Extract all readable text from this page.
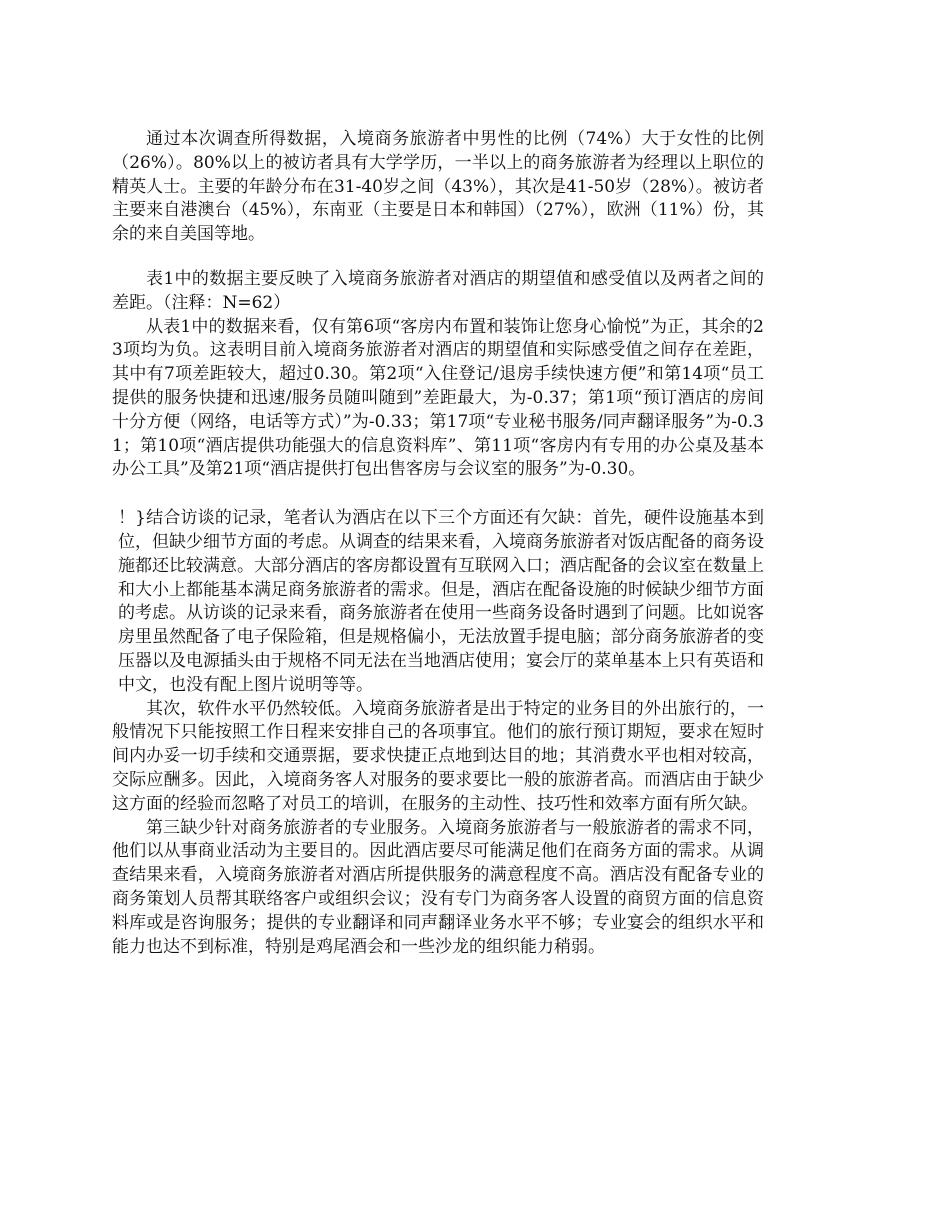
通过本次调查所得数据，入境商务旅游者中男性的比例（74%）大于女性的比例（26%）。80%以上的被访者具有大学学历，一半以上的商务旅游者为经理以上职位的精英人士。主要的年龄分布在31-40岁之间（43%），其次是41-50岁（28%）。被访者主要来自港澳台（45%），东南亚（主要是日本和韩国）（27%），欧洲（11%）份，其余的来自美国等地。

表1中的数据主要反映了入境商务旅游者对酒店的期望值和感受值以及两者之间的差距。（注释：N=62）

从表1中的数据来看，仅有第6项“客房内布置和装饰让您身心愉悦”为正，其余的23项均为负。这表明目前入境商务旅游者对酒店的期望值和实际感受值之间存在差距，其中有7项差距较大，超过0.30。第2项“入住登记/退房手续快速方便”和第14项“员工提供的服务快捷和迅速/服务员随叫随到”差距最大，为-0.37；第1项“预订酒店的房间十分方便（网络，电话等方式）”为-0.33；第17项“专业秘书服务/同声翻译服务”为-0.31；第10项“酒店提供功能强大的信息资料库”、第11项“客房内有专用的办公桌及基本办公工具”及第21项“酒店提供打包出售客房与会议室的服务”为-0.30。

！}结合访谈的记录，笔者认为酒店在以下三个方面还有欠缺：首先，硬件设施基本到位，但缺少细节方面的考虑。从调查的结果来看，入境商务旅游者对饭店配备的商务设施都还比较满意。大部分酒店的客房都设置有互联网入口；酒店配备的会议室在数量上和大小上都能基本满足商务旅游者的需求。但是，酒店在配备设施的时候缺少细节方面的考虑。从访谈的记录来看，商务旅游者在使用一些商务设备时遇到了问题。比如说客房里虽然配备了电子保险箱，但是规格偏小，无法放置手提电脑；部分商务旅游者的变压器以及电源插头由于规格不同无法在当地酒店使用；宴会厅的菜单基本上只有英语和中文，也没有配上图片说明等等。

其次，软件水平仍然较低。入境商务旅游者是出于特定的业务目的外出旅行的，一般情况下只能按照工作日程来安排自己的各项事宜。他们的旅行预订期短，要求在短时间内办妥一切手续和交通票据，要求快捷正点地到达目的地；其消费水平也相对较高，交际应酬多。因此，入境商务客人对服务的要求要比一般的旅游者高。而酒店由于缺少这方面的经验而忽略了对员工的培训，在服务的主动性、技巧性和效率方面有所欠缺。

第三缺少针对商务旅游者的专业服务。入境商务旅游者与一般旅游者的需求不同，他们以从事商业活动为主要目的。因此酒店要尽可能满足他们在商务方面的需求。从调查结果来看，入境商务旅游者对酒店所提供服务的满意程度不高。酒店没有配备专业的商务策划人员帮其联络客户或组织会议；没有专门为商务客人设置的商贸方面的信息资料库或是咨询服务；提供的专业翻译和同声翻译业务水平不够；专业宴会的组织水平和能力也达不到标准，特别是鸡尾酒会和一些沙龙的组织能力稍弱。
